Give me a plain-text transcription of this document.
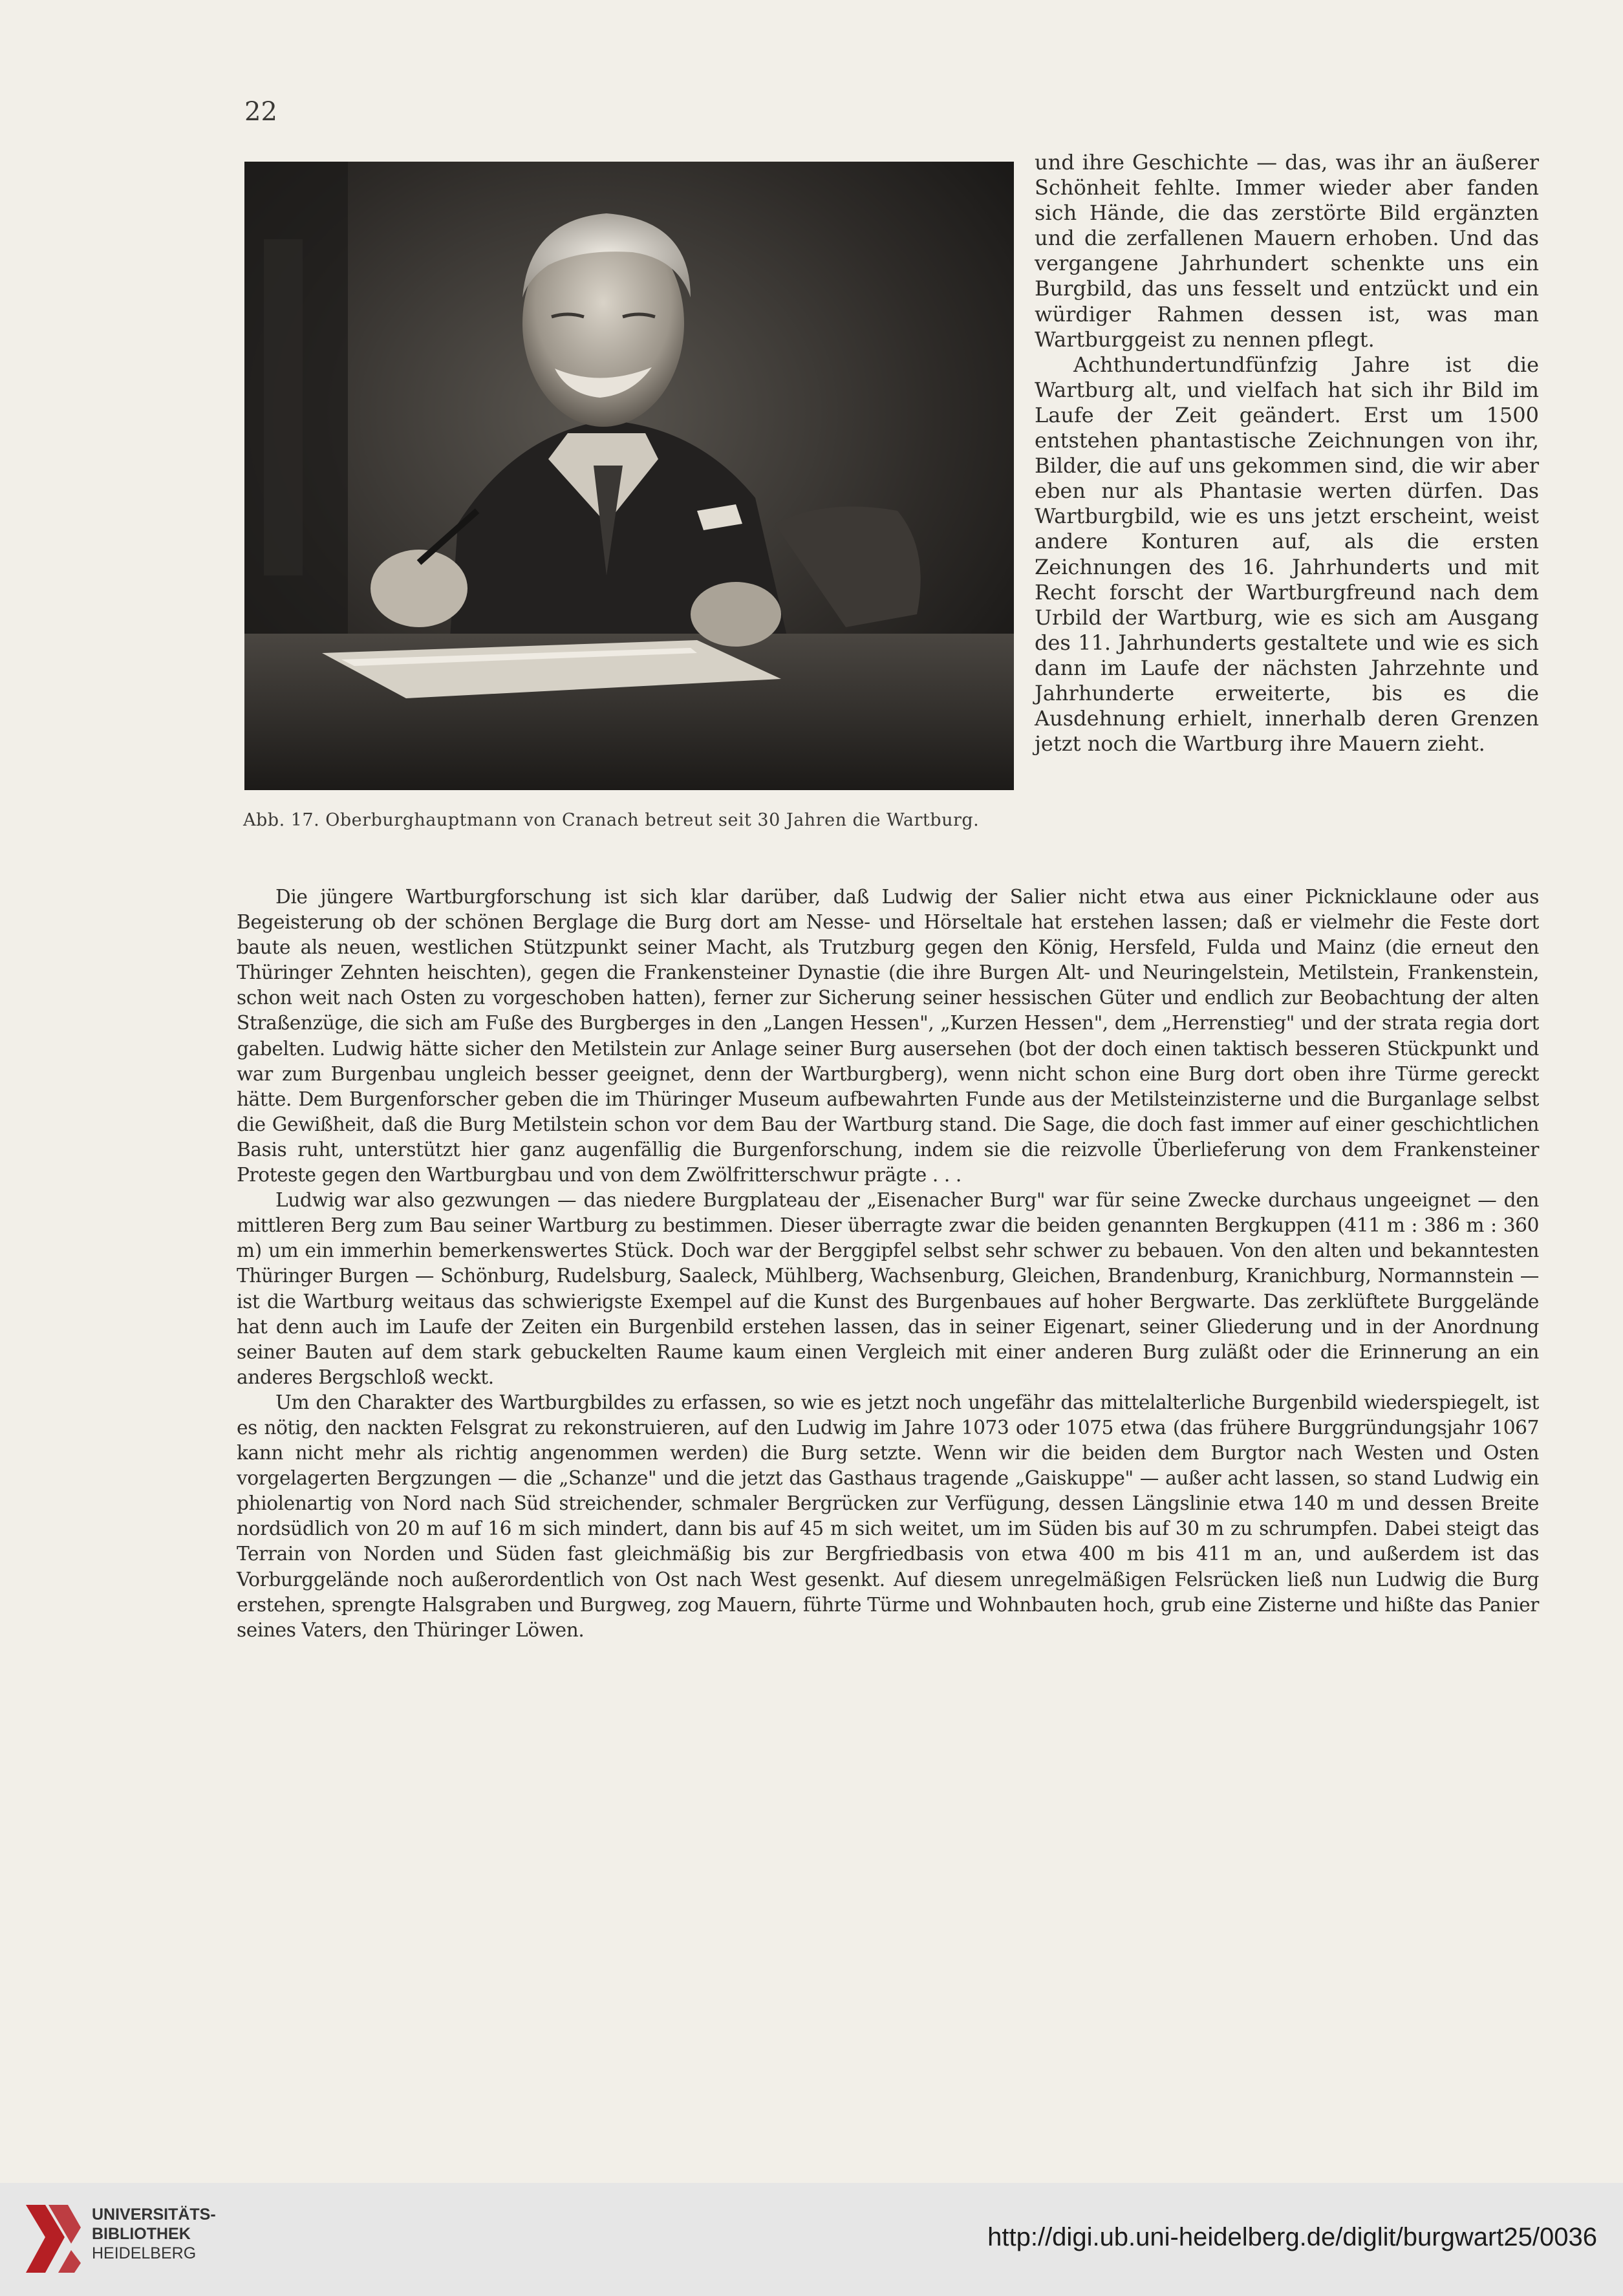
22
Abb. 17. Oberburghauptmann von Cranach betreut seit 30 Jahren die Wartburg.

und ihre Geschichte — das, was ihr an äußerer Schönheit fehlte. Immer wieder aber fanden sich Hände, die das zerstörte Bild ergänzten und die zerfallenen Mauern erhoben. Und das vergangene Jahrhundert schenkte uns ein Burgbild, das uns fesselt und entzückt und ein würdiger Rahmen dessen ist, was man Wartburggeist zu nennen pflegt.

Achthundertundfünfzig Jahre ist die Wartburg alt, und vielfach hat sich ihr Bild im Laufe der Zeit geändert. Erst um 1500 entstehen phantastische Zeichnungen von ihr, Bilder, die auf uns gekommen sind, die wir aber eben nur als Phantasie werten dürfen. Das Wartburgbild, wie es uns jetzt erscheint, weist andere Konturen auf, als die ersten Zeichnungen des 16. Jahrhunderts und mit Recht forscht der Wartburgfreund nach dem Urbild der Wartburg, wie es sich am Ausgang des 11. Jahrhunderts gestaltete und wie es sich dann im Laufe der nächsten Jahrzehnte und Jahrhunderte erweiterte, bis es die Ausdehnung erhielt, innerhalb deren Grenzen jetzt noch die Wartburg ihre Mauern zieht.

Die jüngere Wartburgforschung ist sich klar darüber, daß Ludwig der Salier nicht etwa aus einer Picknicklaune oder aus Begeisterung ob der schönen Berglage die Burg dort am Nesse- und Hörseltale hat erstehen lassen; daß er vielmehr die Feste dort baute als neuen, westlichen Stützpunkt seiner Macht, als Trutzburg gegen den König, Hersfeld, Fulda und Mainz (die erneut den Thüringer Zehnten heischten), gegen die Frankensteiner Dynastie (die ihre Burgen Alt- und Neuringelstein, Metilstein, Frankenstein, schon weit nach Osten zu vorgeschoben hatten), ferner zur Sicherung seiner hessischen Güter und endlich zur Beobachtung der alten Straßenzüge, die sich am Fuße des Burgberges in den „Langen Hessen", „Kurzen Hessen", dem „Herrenstieg" und der strata regia dort gabelten. Ludwig hätte sicher den Metilstein zur Anlage seiner Burg ausersehen (bot der doch einen taktisch besseren Stückpunkt und war zum Burgenbau ungleich besser geeignet, denn der Wartburgberg), wenn nicht schon eine Burg dort oben ihre Türme gereckt hätte. Dem Burgenforscher geben die im Thüringer Museum aufbewahrten Funde aus der Metilsteinzisterne und die Burganlage selbst die Gewißheit, daß die Burg Metilstein schon vor dem Bau der Wartburg stand. Die Sage, die doch fast immer auf einer geschichtlichen Basis ruht, unterstützt hier ganz augenfällig die Burgenforschung, indem sie die reizvolle Überlieferung von dem Frankensteiner Proteste gegen den Wartburgbau und von dem Zwölfritterschwur prägte . . .

Ludwig war also gezwungen — das niedere Burgplateau der „Eisenacher Burg" war für seine Zwecke durchaus ungeeignet — den mittleren Berg zum Bau seiner Wartburg zu bestimmen. Dieser überragte zwar die beiden genannten Bergkuppen (411 m : 386 m : 360 m) um ein immerhin bemerkenswertes Stück. Doch war der Berggipfel selbst sehr schwer zu bebauen. Von den alten und bekanntesten Thüringer Burgen — Schönburg, Rudelsburg, Saaleck, Mühlberg, Wachsenburg, Gleichen, Brandenburg, Kranichburg, Normannstein — ist die Wartburg weitaus das schwierigste Exempel auf die Kunst des Burgenbaues auf hoher Bergwarte. Das zerklüftete Burggelände hat denn auch im Laufe der Zeiten ein Burgenbild erstehen lassen, das in seiner Eigenart, seiner Gliederung und in der Anordnung seiner Bauten auf dem stark gebuckelten Raume kaum einen Vergleich mit einer anderen Burg zuläßt oder die Erinnerung an ein anderes Bergschloß weckt.

Um den Charakter des Wartburgbildes zu erfassen, so wie es jetzt noch ungefähr das mittelalterliche Burgenbild wiederspiegelt, ist es nötig, den nackten Felsgrat zu rekonstruieren, auf den Ludwig im Jahre 1073 oder 1075 etwa (das frühere Burggründungsjahr 1067 kann nicht mehr als richtig angenommen werden) die Burg setzte. Wenn wir die beiden dem Burgtor nach Westen und Osten vorgelagerten Bergzungen — die „Schanze" und die jetzt das Gasthaus tragende „Gaiskuppe" — außer acht lassen, so stand Ludwig ein phiolenartig von Nord nach Süd streichender, schmaler Bergrücken zur Verfügung, dessen Längslinie etwa 140 m und dessen Breite nordsüdlich von 20 m auf 16 m sich mindert, dann bis auf 45 m sich weitet, um im Süden bis auf 30 m zu schrumpfen. Dabei steigt das Terrain von Norden und Süden fast gleichmäßig bis zur Bergfriedbasis von etwa 400 m bis 411 m an, und außerdem ist das Vorburggelände noch außerordentlich von Ost nach West gesenkt. Auf diesem unregelmäßigen Felsrücken ließ nun Ludwig die Burg erstehen, sprengte Halsgraben und Burgweg, zog Mauern, führte Türme und Wohnbauten hoch, grub eine Zisterne und hißte das Panier seines Vaters, den Thüringer Löwen.

UNIVERSITÄTS-
BIBLIOTHEK
HEIDELBERG
http://digi.ub.uni-heidelberg.de/diglit/burgwart25/0036
